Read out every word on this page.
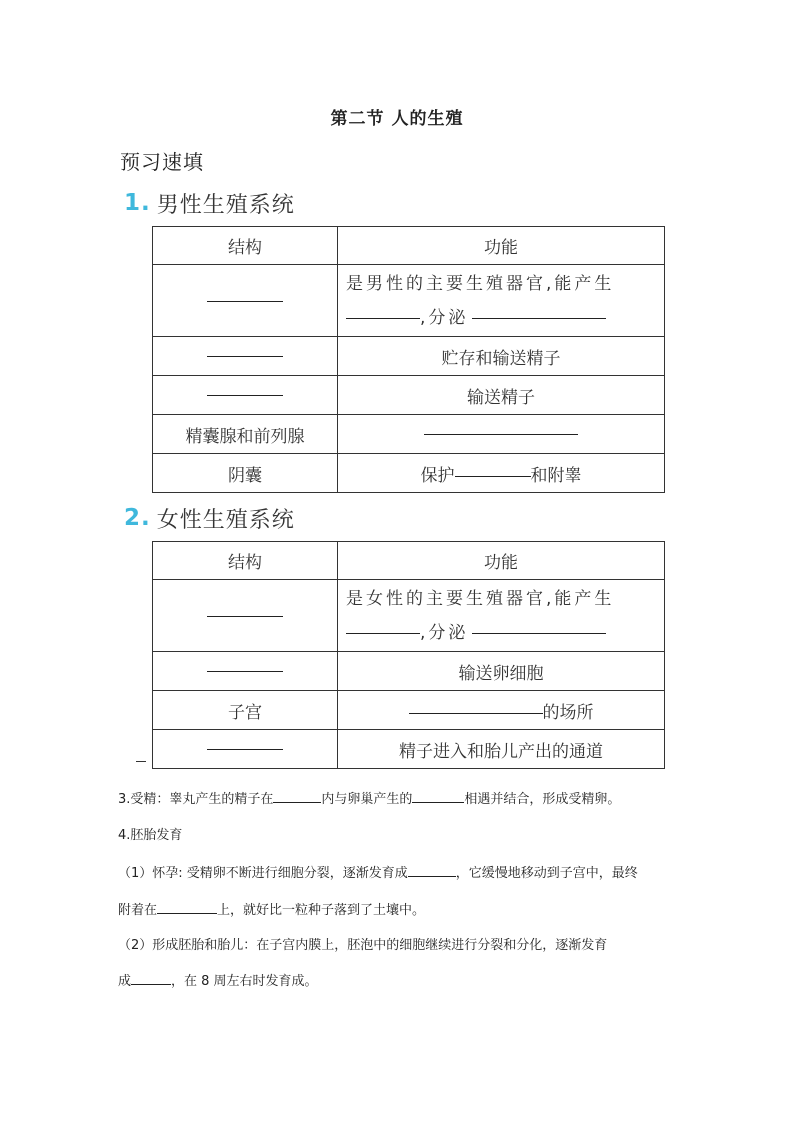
第二节 人的生殖
预习速填
1. 男性生殖系统
结构	功能

	是男性的主要生殖器官,能产生
,分泌

	贮存和输送精子
	输送精子
精囊腺和前列腺	
阴囊	保护 和附睾
2. 女性生殖系统
结构	功能

	是女性的主要生殖器官,能产生
,分泌

	输送卵细胞
子宫	的场所
	精子进入和胎儿产出的通道
3.受精：睾丸产生的精子在	内与卵巢产生的	相遇并结合，形成受精卵。
4.胚胎发育
（1）怀孕: 受精卵不断进行细胞分裂，逐渐发育成	，它缓慢地移动到子宫中，最终
附着在	上，就好比一粒种子落到了土壤中。
（2）形成胚胎和胎儿：在子宫内膜上，胚泡中的细胞继续进行分裂和分化，逐渐发育
成	，在 8 周左右时发育成。
